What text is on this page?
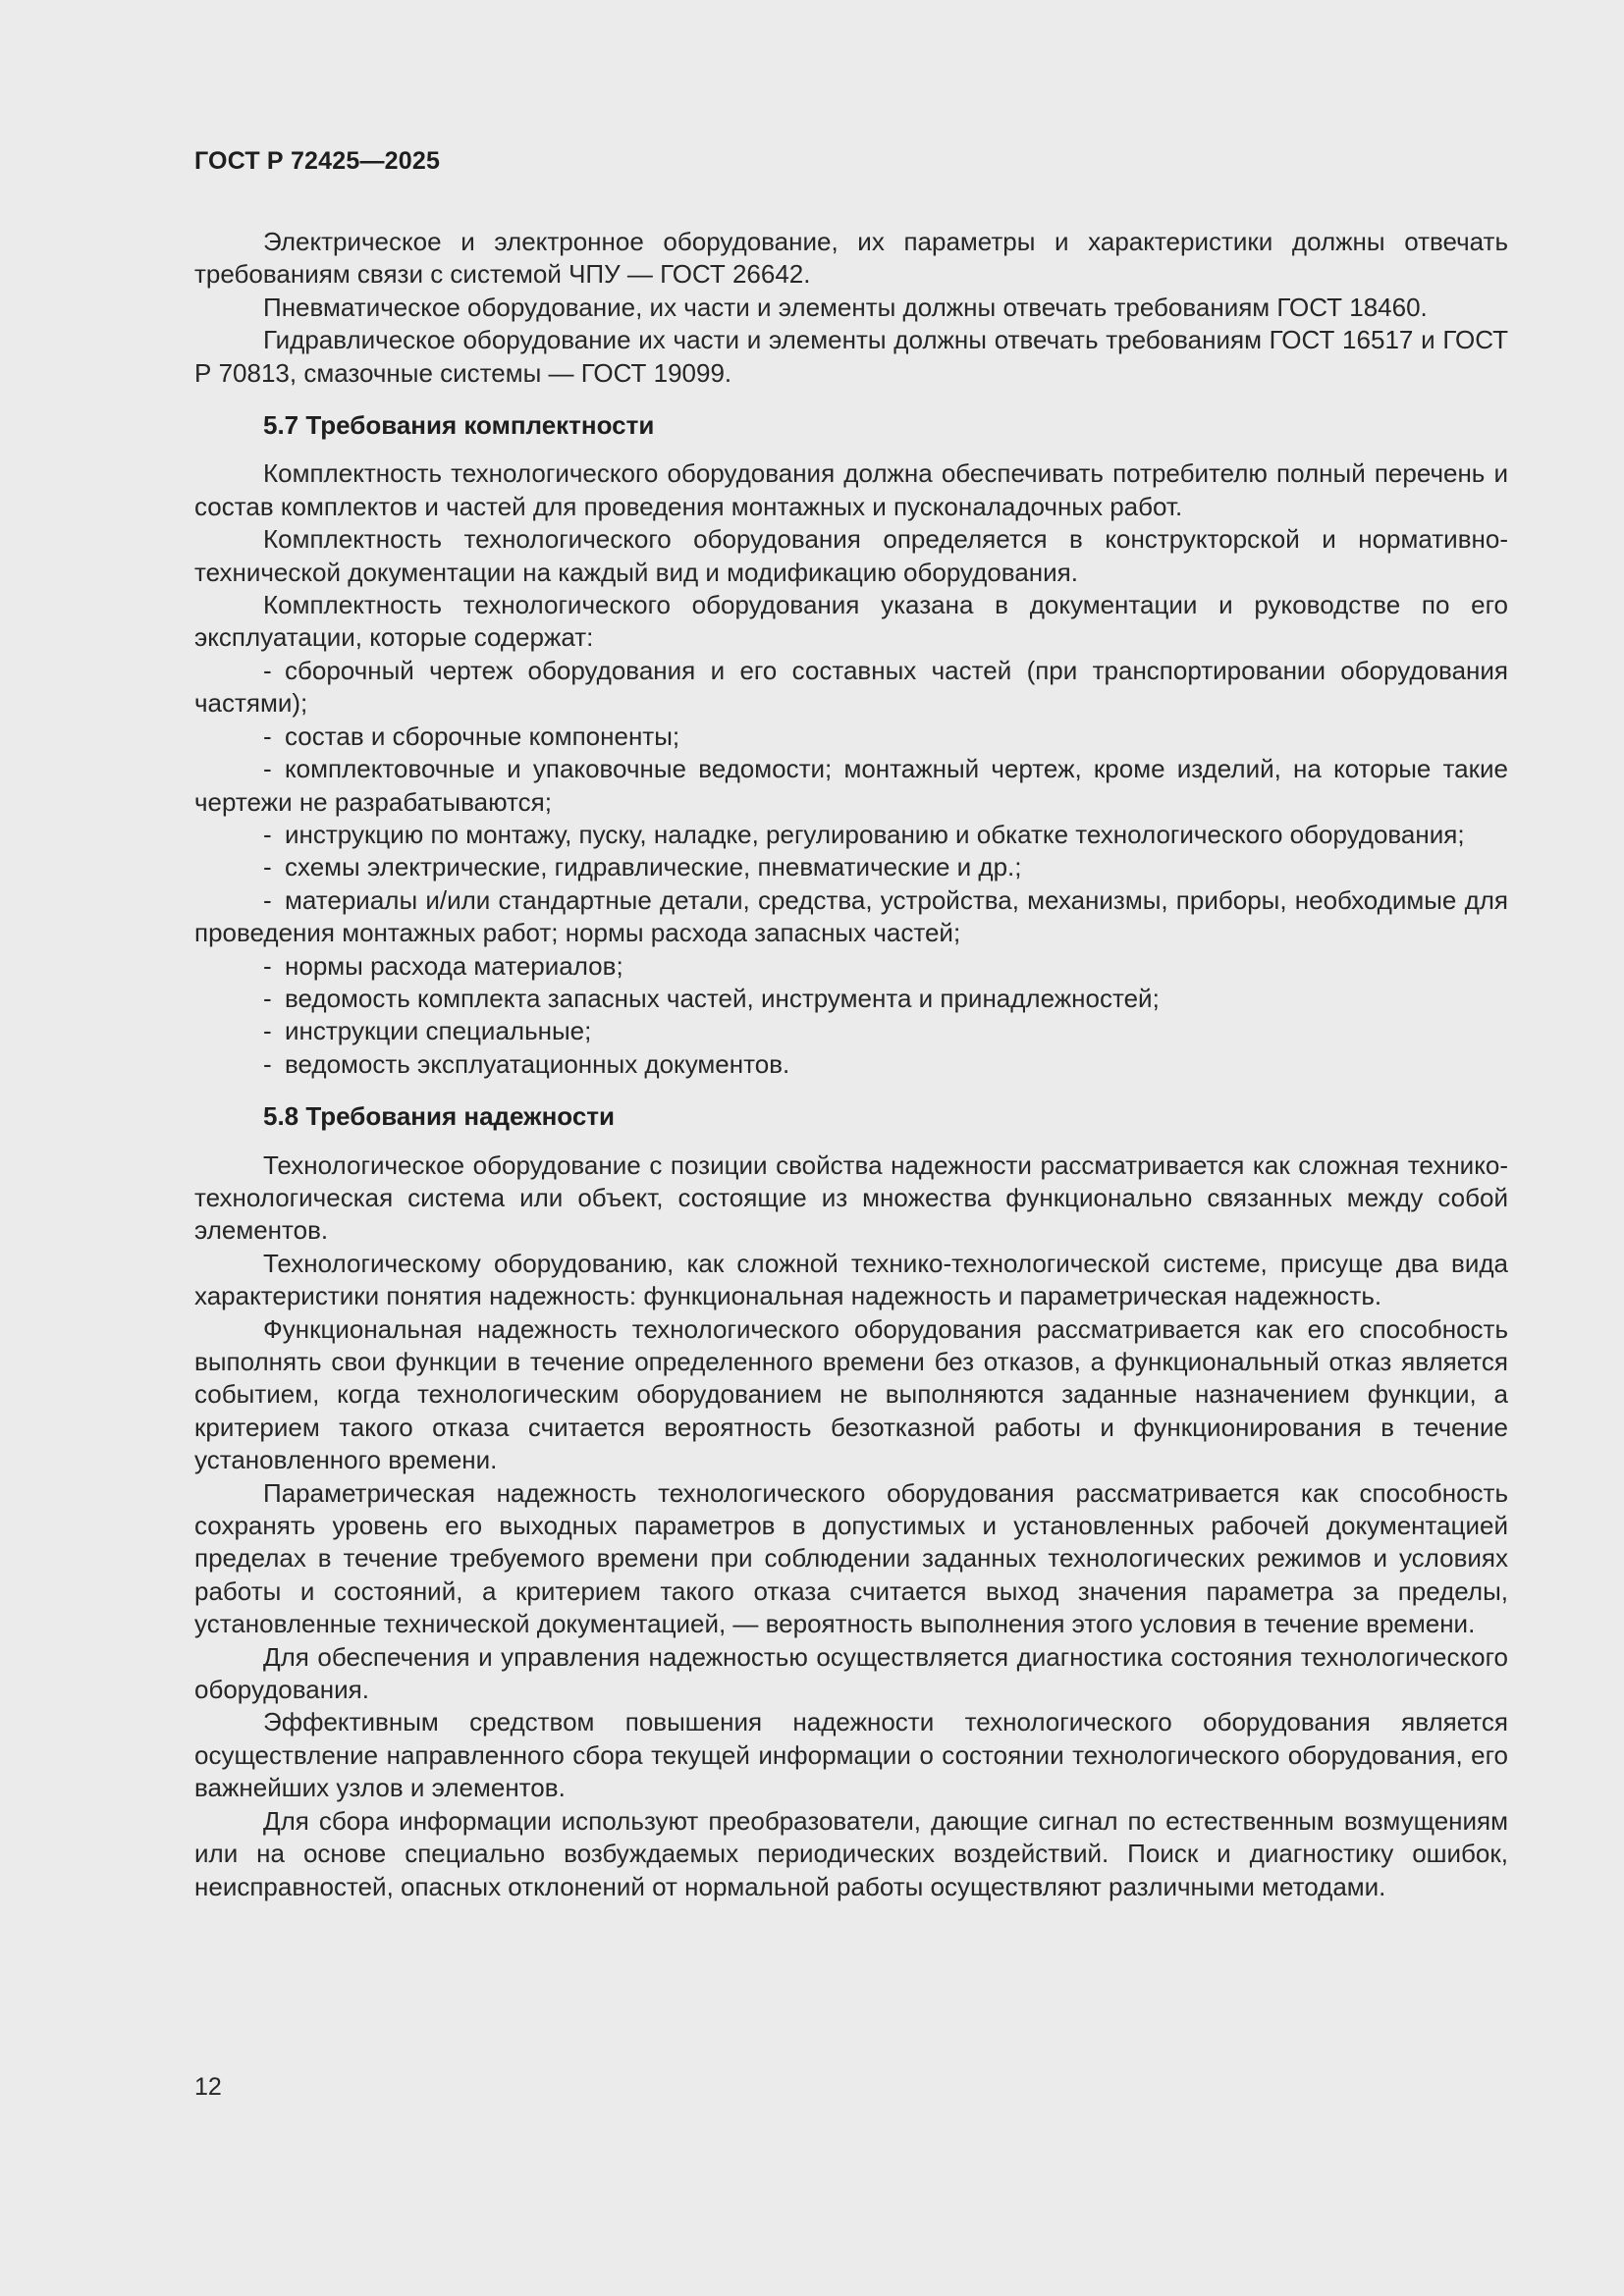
ГОСТ Р 72425—2025

Электрическое и электронное оборудование, их параметры и характеристики должны отвечать требованиям связи с системой ЧПУ — ГОСТ 26642.

Пневматическое оборудование, их части и элементы должны отвечать требованиям ГОСТ 18460.

Гидравлическое оборудование их части и элементы должны отвечать требованиям ГОСТ 16517 и ГОСТ Р 70813, смазочные системы — ГОСТ 19099.

5.7 Требования комплектности

Комплектность технологического оборудования должна обеспечивать потребителю полный перечень и состав комплектов и частей для проведения монтажных и пусконаладочных работ.

Комплектность технологического оборудования определяется в конструкторской и нормативно-технической документации на каждый вид и модификацию оборудования.

Комплектность технологического оборудования указана в документации и руководстве по его эксплуатации, которые содержат:

- сборочный чертеж оборудования и его составных частей (при транспортировании оборудования частями);

- состав и сборочные компоненты;

- комплектовочные и упаковочные ведомости; монтажный чертеж, кроме изделий, на которые такие чертежи не разрабатываются;

- инструкцию по монтажу, пуску, наладке, регулированию и обкатке технологического оборудования;

- схемы электрические, гидравлические, пневматические и др.;

- материалы и/или стандартные детали, средства, устройства, механизмы, приборы, необходимые для проведения монтажных работ; нормы расхода запасных частей;

- нормы расхода материалов;

- ведомость комплекта запасных частей, инструмента и принадлежностей;

- инструкции специальные;

- ведомость эксплуатационных документов.

5.8 Требования надежности

Технологическое оборудование с позиции свойства надежности рассматривается как сложная технико-технологическая система или объект, состоящие из множества функционально связанных между собой элементов.

Технологическому оборудованию, как сложной технико-технологической системе, присуще два вида характеристики понятия надежность: функциональная надежность и параметрическая надежность.

Функциональная надежность технологического оборудования рассматривается как его способность выполнять свои функции в течение определенного времени без отказов, а функциональный отказ является событием, когда технологическим оборудованием не выполняются заданные назначением функции, а критерием такого отказа считается вероятность безотказной работы и функционирования в течение установленного времени.

Параметрическая надежность технологического оборудования рассматривается как способность сохранять уровень его выходных параметров в допустимых и установленных рабочей документацией пределах в течение требуемого времени при соблюдении заданных технологических режимов и условиях работы и состояний, а критерием такого отказа считается выход значения параметра за пределы, установленные технической документацией, — вероятность выполнения этого условия в течение времени.

Для обеспечения и управления надежностью осуществляется диагностика состояния технологического оборудования.

Эффективным средством повышения надежности технологического оборудования является осуществление направленного сбора текущей информации о состоянии технологического оборудования, его важнейших узлов и элементов.

Для сбора информации используют преобразователи, дающие сигнал по естественным возмущениям или на основе специально возбуждаемых периодических воздействий. Поиск и диагностику ошибок, неисправностей, опасных отклонений от нормальной работы осуществляют различными методами.

12
